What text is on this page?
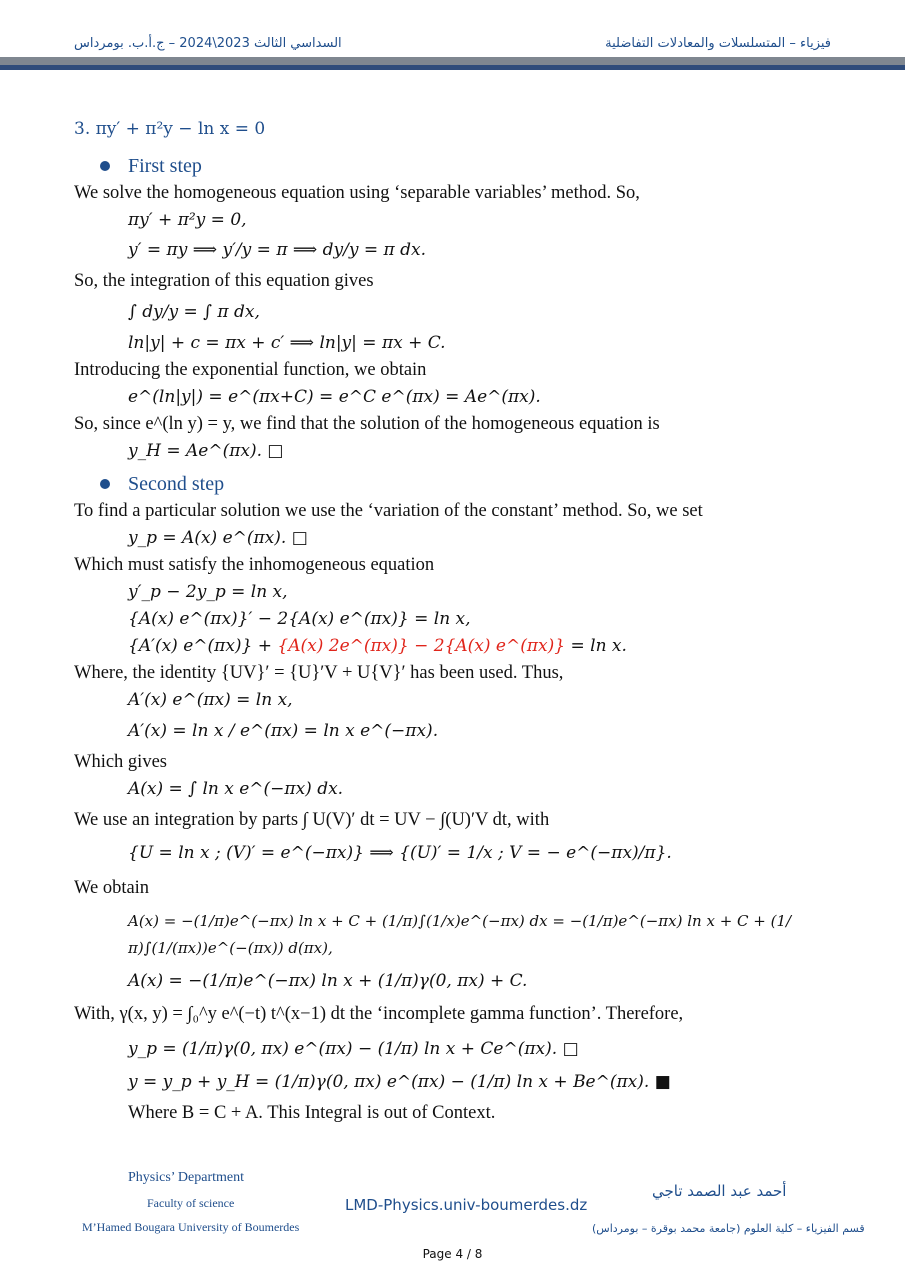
السداسي الثالث 2023\2024 – ج.أ.ب. بومرداس	فيزياء – المتسلسلات والمعادلات التفاضلية
3. πy′ + π²y − ln x = 0
First step
We solve the homogeneous equation using ‘separable variables’ method. So,
πy′ + π²y = 0,
y′ = πy ⟹ y′/y = π ⟹ dy/y = π dx.
So, the integration of this equation gives
∫ dy/y = ∫ π dx,
ln|y| + c = πx + c′ ⟹ ln|y| = πx + C.
Introducing the exponential function, we obtain
e^(ln|y|) = e^(πx+C) = e^C e^(πx) = Ae^(πx).
So, since e^(ln y) = y, we find that the solution of the homogeneous equation is
y_H = Ae^(πx). □
Second step
To find a particular solution we use the ‘variation of the constant’ method. So, we set
y_p = A(x) e^(πx). □
Which must satisfy the inhomogeneous equation
y′_p − 2y_p = ln x,
{A(x) e^(πx)}′ − 2{A(x) e^(πx)} = ln x,
{A′(x) e^(πx)} + {A(x) 2e^(πx)} − 2{A(x) e^(πx)} = ln x.
Where, the identity {UV}′ = {U}′V + U{V}′ has been used. Thus,
A′(x) e^(πx) = ln x,
A′(x) = ln x / e^(πx) = ln x e^(−πx).
Which gives
A(x) = ∫ ln x e^(−πx) dx.
We use an integration by parts ∫ U(V)′ dt = UV − ∫(U)′V dt, with
{U = ln x ; (V)′ = e^(−πx)} ⟹ {(U)′ = 1/x ; V = − e^(−πx)/π}.
We obtain
A(x) = −(1/π)e^(−πx) ln x + C + (1/π)∫(1/x)e^(−πx) dx = −(1/π)e^(−πx) ln x + C + (1/π)∫(1/(πx))e^(−(πx)) d(πx),
A(x) = −(1/π)e^(−πx) ln x + (1/π)γ(0, πx) + C.
With, γ(x, y) = ∫₀^y e^(−t) t^(x−1) dt the ‘incomplete gamma function’. Therefore,
y_p = (1/π)γ(0, πx) e^(πx) − (1/π) ln x + Ce^(πx). □
y = y_p + y_H = (1/π)γ(0, πx) e^(πx) − (1/π) ln x + Be^(πx). ■
Where B = C + A. This Integral is out of Context.
Physics’ Department
Faculty of science
M’Hamed Bougara University of Boumerdes
LMD-Physics.univ-boumerdes.dz
أحمد عبد الصمد تاجي
قسم الفيزياء – كلية العلوم (جامعة محمد بوقرة – بومرداس)
Page 4 / 8
